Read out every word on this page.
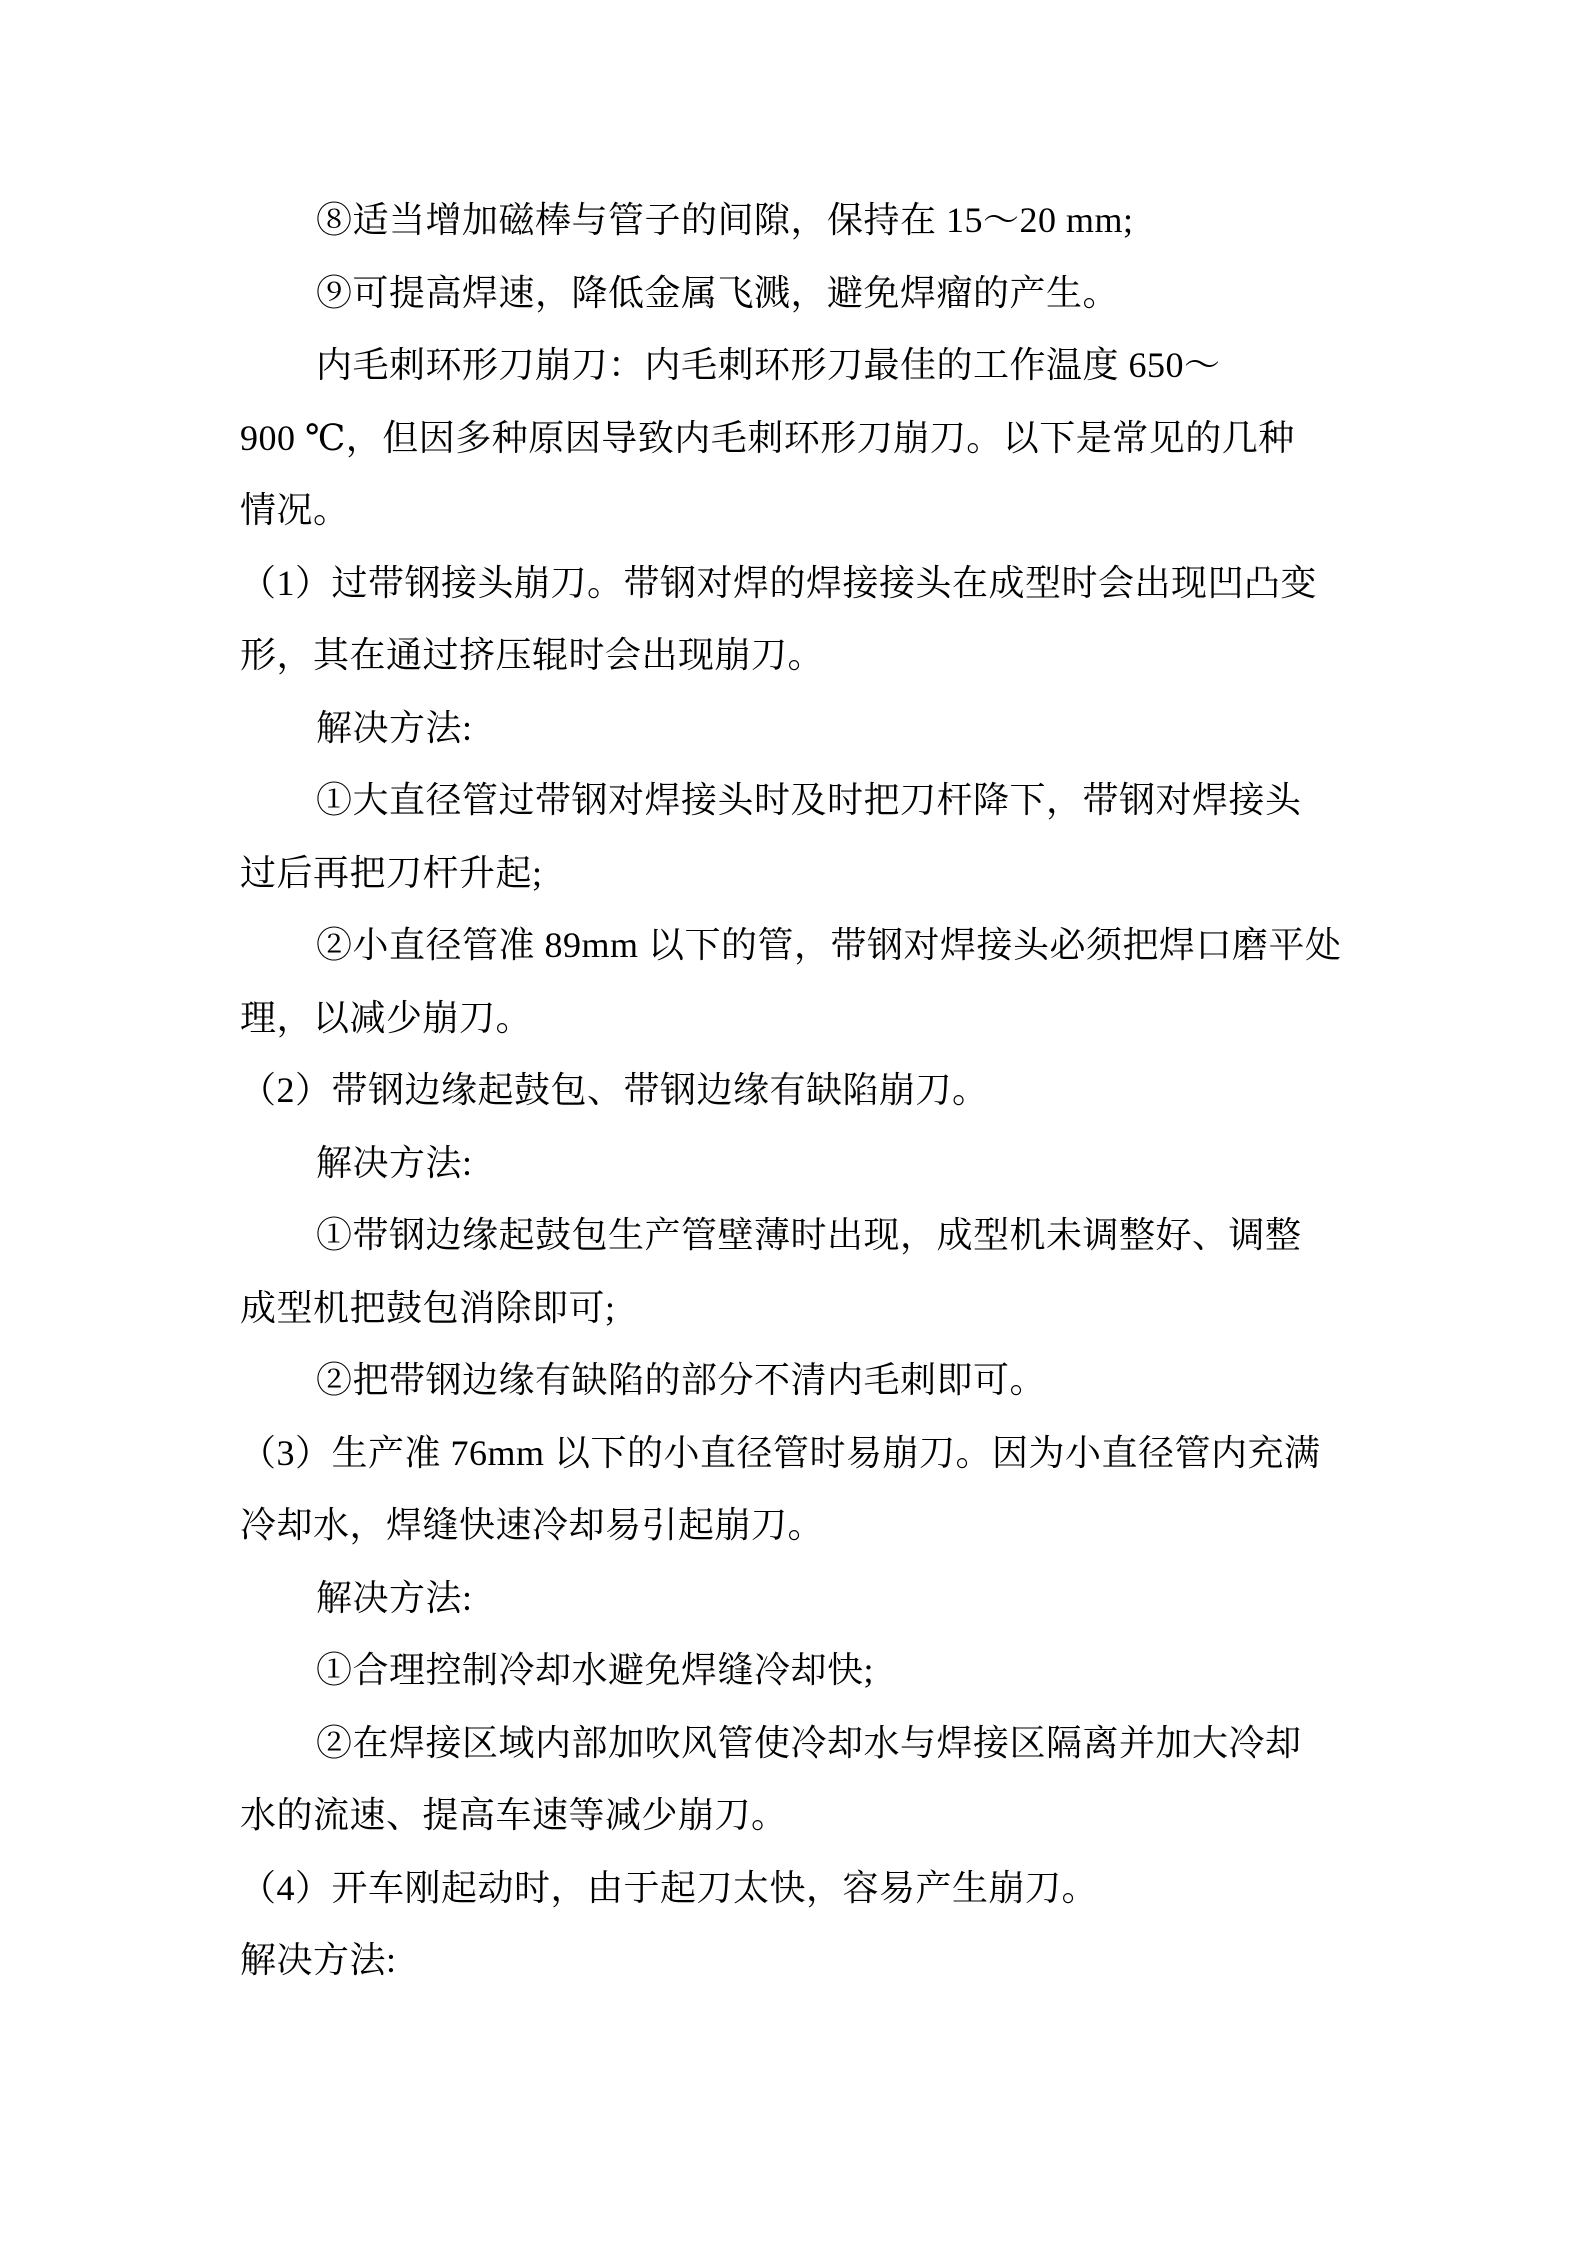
⑧适当增加磁棒与管子的间隙，保持在 15～20 mm;
⑨可提高焊速，降低金属飞溅，避免焊瘤的产生。
内毛刺环形刀崩刀：内毛刺环形刀最佳的工作温度 650～
900 ℃，但因多种原因导致内毛刺环形刀崩刀。以下是常见的几种
情况。
（1）过带钢接头崩刀。带钢对焊的焊接接头在成型时会出现凹凸变
形，其在通过挤压辊时会出现崩刀。
解决方法:
①大直径管过带钢对焊接头时及时把刀杆降下，带钢对焊接头
过后再把刀杆升起;
②小直径管准 89mm 以下的管，带钢对焊接头必须把焊口磨平处
理，以减少崩刀。
（2）带钢边缘起鼓包、带钢边缘有缺陷崩刀。
解决方法:
①带钢边缘起鼓包生产管壁薄时出现，成型机未调整好、调整
成型机把鼓包消除即可;
②把带钢边缘有缺陷的部分不清内毛刺即可。
（3）生产准 76mm 以下的小直径管时易崩刀。因为小直径管内充满
冷却水，焊缝快速冷却易引起崩刀。
解决方法:
①合理控制冷却水避免焊缝冷却快;
②在焊接区域内部加吹风管使冷却水与焊接区隔离并加大冷却
水的流速、提高车速等减少崩刀。
（4）开车刚起动时，由于起刀太快，容易产生崩刀。
解决方法:
